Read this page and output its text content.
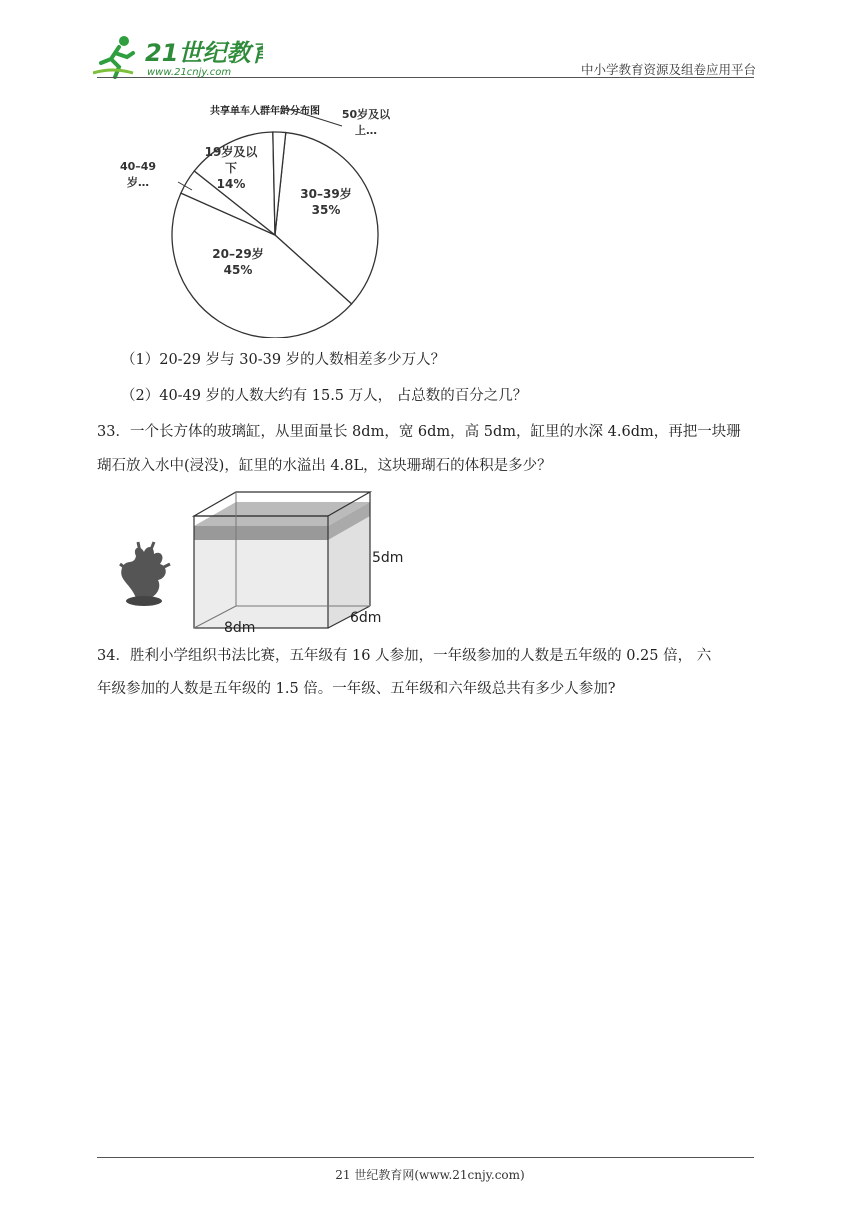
21世纪教育
www.21cnjy.com	中小学教育资源及组卷应用平台
共享单车人群年龄分布图
30–39岁
35%
20–29岁
45%
40–49
岁…
19岁及以
下
14%
50岁及以
上…
（1）20-29 岁与 30-39 岁的人数相差多少万人？
（2）40-49 岁的人数大约有 15.5 万人， 占总数的百分之几？
33．一个长方体的玻璃缸，从里面量长 8dm，宽 6dm，高 5dm，缸里的水深 4.6dm，再把一块珊
瑚石放入水中(浸没)，缸里的水溢出 4.8L，这块珊瑚石的体积是多少？
5dm
6dm
8dm
34．胜利小学组织书法比赛，五年级有 16 人参加，一年级参加的人数是五年级的 0.25 倍， 六
年级参加的人数是五年级的 1.5 倍。一年级、五年级和六年级总共有多少人参加?
21 世纪教育网(www.21cnjy.com)
